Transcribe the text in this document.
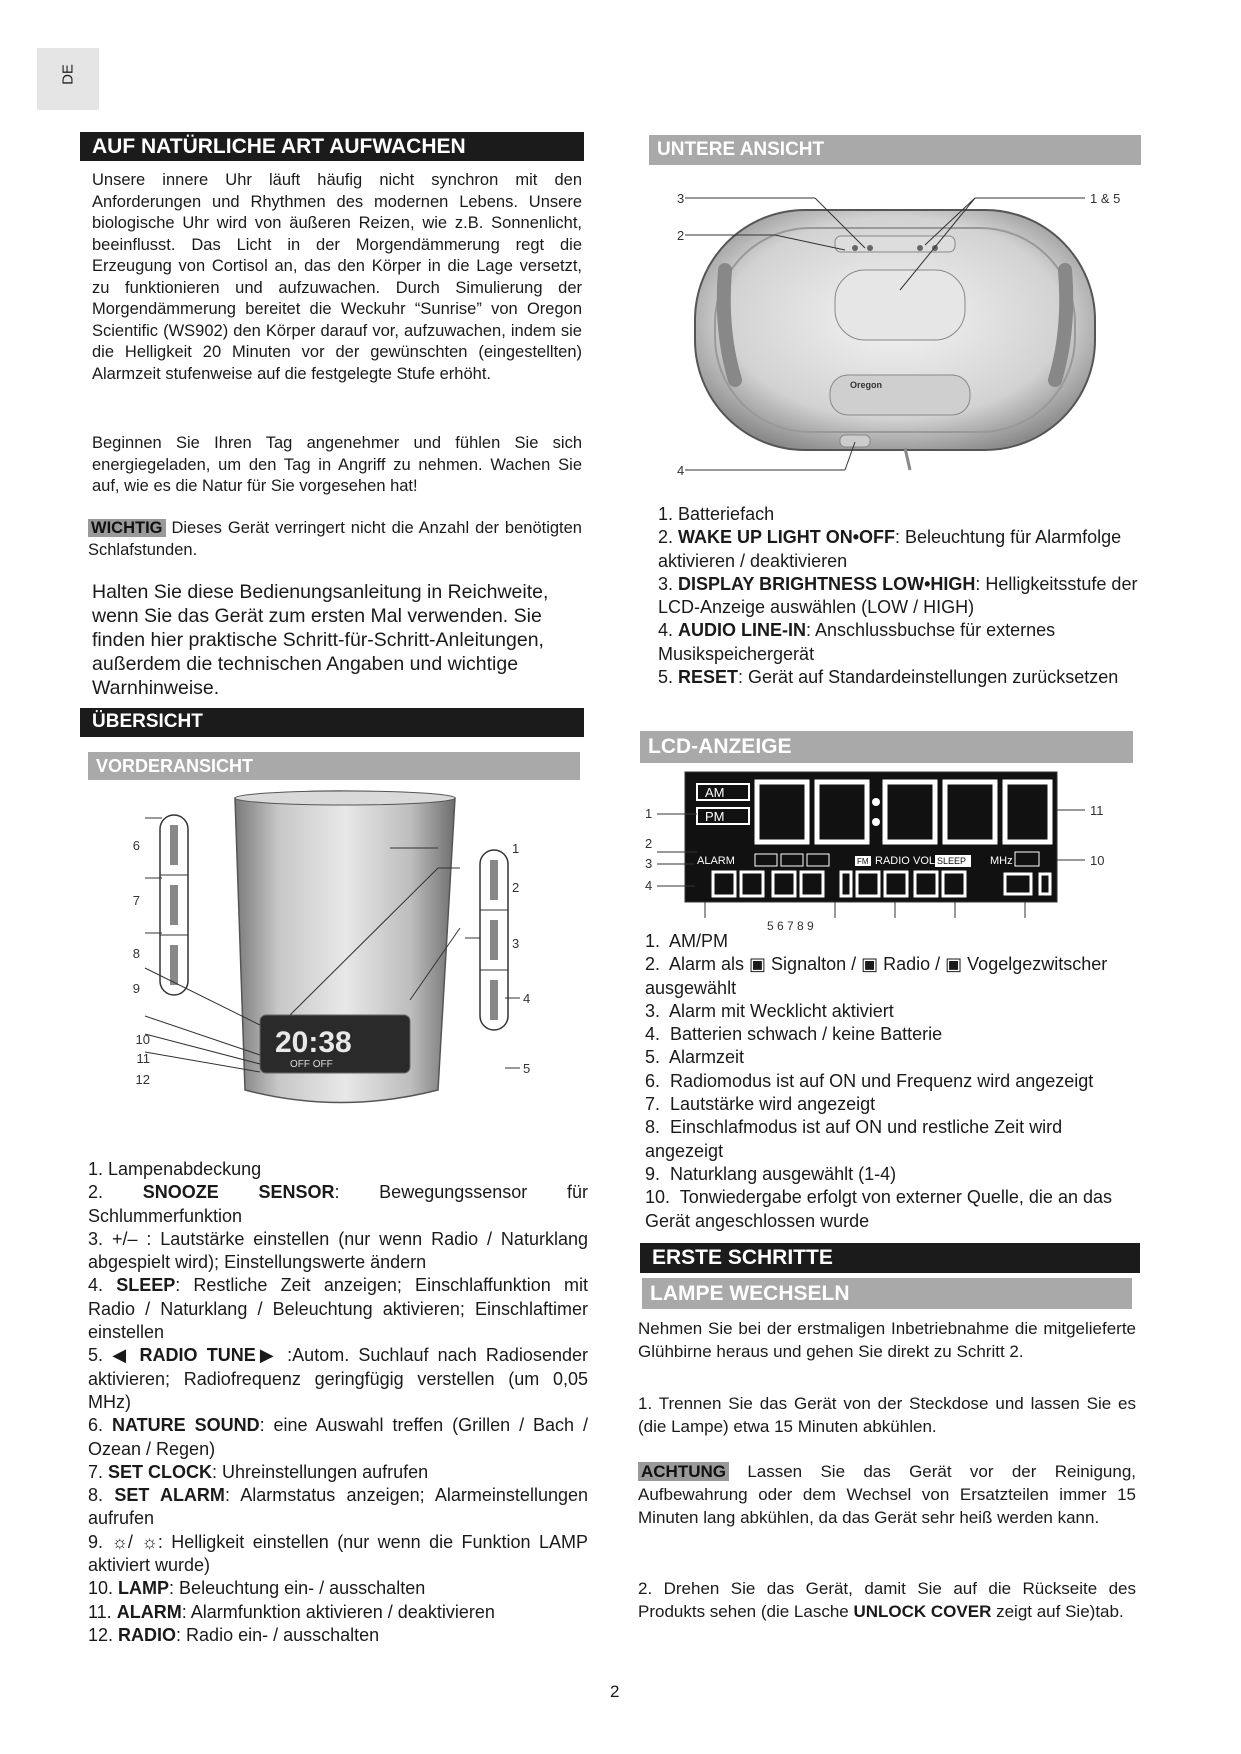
DE
AUF NATÜRLICHE ART AUFWACHEN
Unsere innere Uhr läuft häufig nicht synchron mit den Anforderungen und Rhythmen des modernen Lebens. Unsere biologische Uhr wird von äußeren Reizen, wie z.B. Sonnenlicht, beeinflusst. Das Licht in der Morgendämmerung regt die Erzeugung von Cortisol an, das den Körper in die Lage versetzt, zu funktionieren und aufzuwachen. Durch Simulierung der Morgendämmerung bereitet die Weckuhr “Sunrise” von Oregon Scientific (WS902) den Körper darauf vor, aufzuwachen, indem sie die Helligkeit 20 Minuten vor der gewünschten (eingestellten) Alarmzeit stufenweise auf die festgelegte Stufe erhöht.
Beginnen Sie Ihren Tag angenehmer und fühlen Sie sich energiegeladen, um den Tag in Angriff zu nehmen. Wachen Sie auf, wie es die Natur für Sie vorgesehen hat!
WICHTIG Dieses Gerät verringert nicht die Anzahl der benötigten Schlafstunden.
Halten Sie diese Bedienungsanleitung in Reichweite, wenn Sie das Gerät zum ersten Mal verwenden. Sie finden hier praktische Schritt-für-Schritt-Anleitungen, außerdem die technischen Angaben und wichtige Warnhinweise.
ÜBERSICHT
VORDERANSICHT
20:38
OFF OFF
6
7
8
9
10
11
12
1
2
3
4
5
1. Lampenabdeckung
2. SNOOZE SENSOR: Bewegungssensor für Schlummerfunktion
3. +/– : Lautstärke einstellen (nur wenn Radio / Naturklang abgespielt wird); Einstellungswerte ändern
4. SLEEP: Restliche Zeit anzeigen; Einschlaffunktion mit Radio / Naturklang / Beleuchtung aktivieren; Einschlaftimer einstellen
5. ◀ RADIO TUNE▶ :Autom. Suchlauf nach Radiosender aktivieren; Radiofrequenz geringfügig verstellen (um 0,05 MHz)
6. NATURE SOUND: eine Auswahl treffen (Grillen / Bach / Ozean / Regen)
7. SET CLOCK: Uhreinstellungen aufrufen
8. SET ALARM: Alarmstatus anzeigen; Alarmeinstellungen aufrufen
9. ☼/ ☼: Helligkeit einstellen (nur wenn die Funktion LAMP aktiviert wurde)
10. LAMP: Beleuchtung ein- / ausschalten
11. ALARM: Alarmfunktion aktivieren / deaktivieren
12. RADIO: Radio ein- / ausschalten
UNTERE ANSICHT
Oregon
3
2
4
1 & 5
1. Batteriefach
2. WAKE UP LIGHT ON•OFF: Beleuchtung für Alarmfolge aktivieren / deaktivieren
3. DISPLAY BRIGHTNESS LOW•HIGH: Helligkeitsstufe der LCD-Anzeige auswählen (LOW / HIGH)
4. AUDIO LINE-IN: Anschlussbuchse für externes Musikspeichergerät
5. RESET: Gerät auf Standardeinstellungen zurücksetzen
LCD-ANZEIGE
AM
PM
ALARM	FM RADIO VOL SLEEP MHz
1
2
3
4
11
10
5 6 7 8 9
1. AM/PM
2. Alarm als ▣ Signalton / ▣ Radio / ▣ Vogelgezwitscher ausgewählt
3. Alarm mit Wecklicht aktiviert
4. Batterien schwach / keine Batterie
5. Alarmzeit
6. Radiomodus ist auf ON und Frequenz wird angezeigt
7. Lautstärke wird angezeigt
8. Einschlafmodus ist auf ON und restliche Zeit wird angezeigt
9. Naturklang ausgewählt (1-4)
10. Tonwiedergabe erfolgt von externer Quelle, die an das Gerät angeschlossen wurde
ERSTE SCHRITTE
LAMPE WECHSELN
Nehmen Sie bei der erstmaligen Inbetriebnahme die mitgelieferte Glühbirne heraus und gehen Sie direkt zu Schritt 2.
1. Trennen Sie das Gerät von der Steckdose und lassen Sie es (die Lampe) etwa 15 Minuten abkühlen.
ACHTUNG Lassen Sie das Gerät vor der Reinigung, Aufbewahrung oder dem Wechsel von Ersatzteilen immer 15 Minuten lang abkühlen, da das Gerät sehr heiß werden kann.
2. Drehen Sie das Gerät, damit Sie auf die Rückseite des Produkts sehen (die Lasche UNLOCK COVER zeigt auf Sie)tab.
2
